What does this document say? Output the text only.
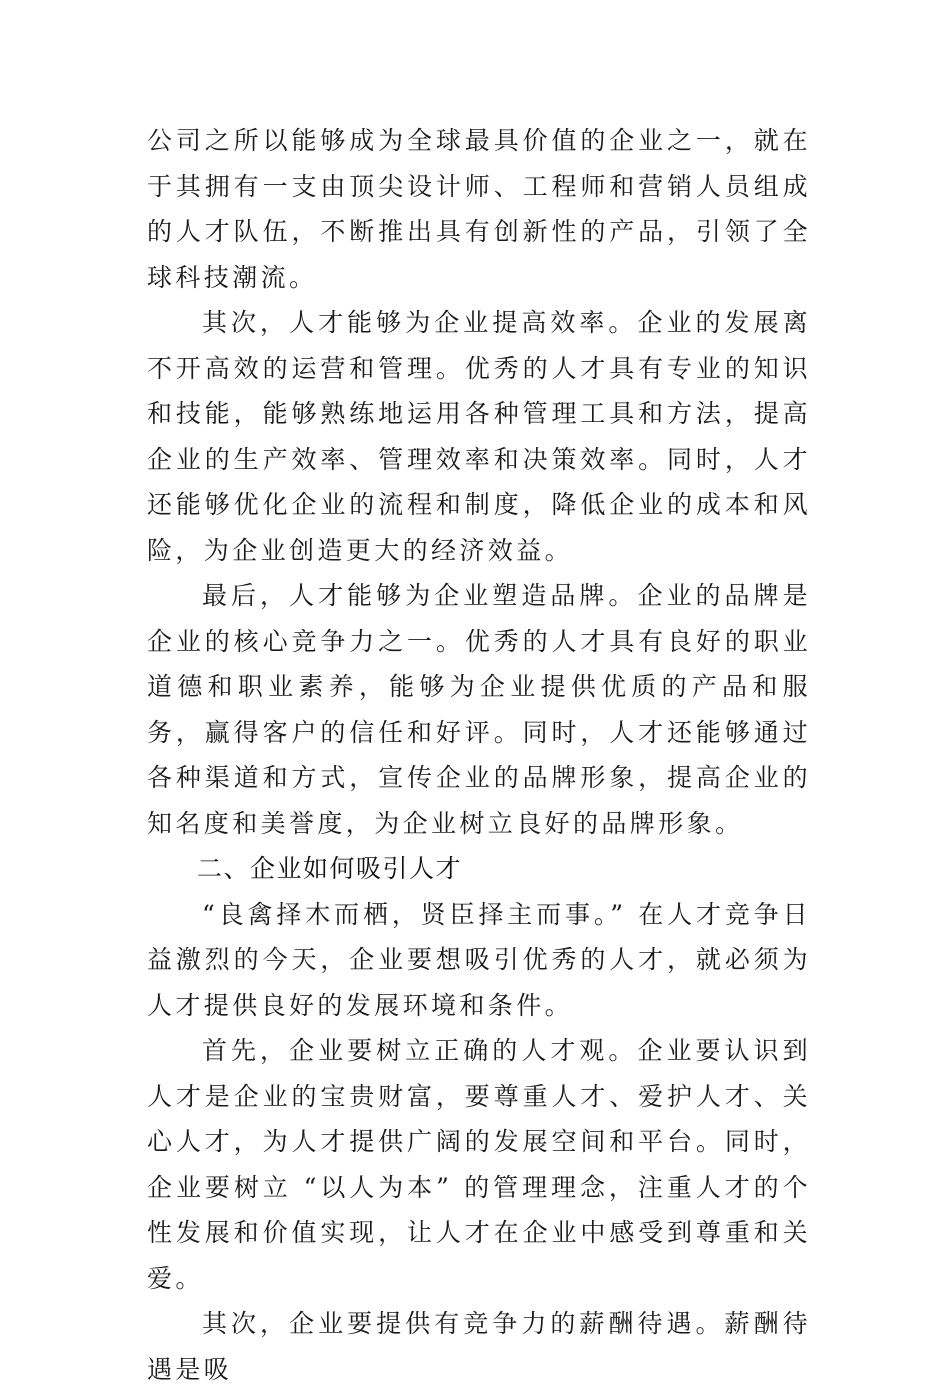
公司之所以能够成为全球最具价值的企业之一，就在于其拥有一支由顶尖设计师、工程师和营销人员组成的人才队伍，不断推出具有创新性的产品，引领了全球科技潮流。

其次，人才能够为企业提高效率。企业的发展离不开高效的运营和管理。优秀的人才具有专业的知识和技能，能够熟练地运用各种管理工具和方法，提高企业的生产效率、管理效率和决策效率。同时，人才还能够优化企业的流程和制度，降低企业的成本和风险，为企业创造更大的经济效益。

最后，人才能够为企业塑造品牌。企业的品牌是企业的核心竞争力之一。优秀的人才具有良好的职业道德和职业素养，能够为企业提供优质的产品和服务，赢得客户的信任和好评。同时，人才还能够通过各种渠道和方式，宣传企业的品牌形象，提高企业的知名度和美誉度，为企业树立良好的品牌形象。

二、企业如何吸引人才

“良禽择木而栖，贤臣择主而事。” 在人才竞争日益激烈的今天，企业要想吸引优秀的人才，就必须为人才提供良好的发展环境和条件。

首先，企业要树立正确的人才观。企业要认识到人才是企业的宝贵财富，要尊重人才、爱护人才、关心人才，为人才提供广阔的发展空间和平台。同时，企业要树立 “以人为本” 的管理理念，注重人才的个性发展和价值实现，让人才在企业中感受到尊重和关爱。

其次，企业要提供有竞争力的薪酬待遇。薪酬待遇是吸
